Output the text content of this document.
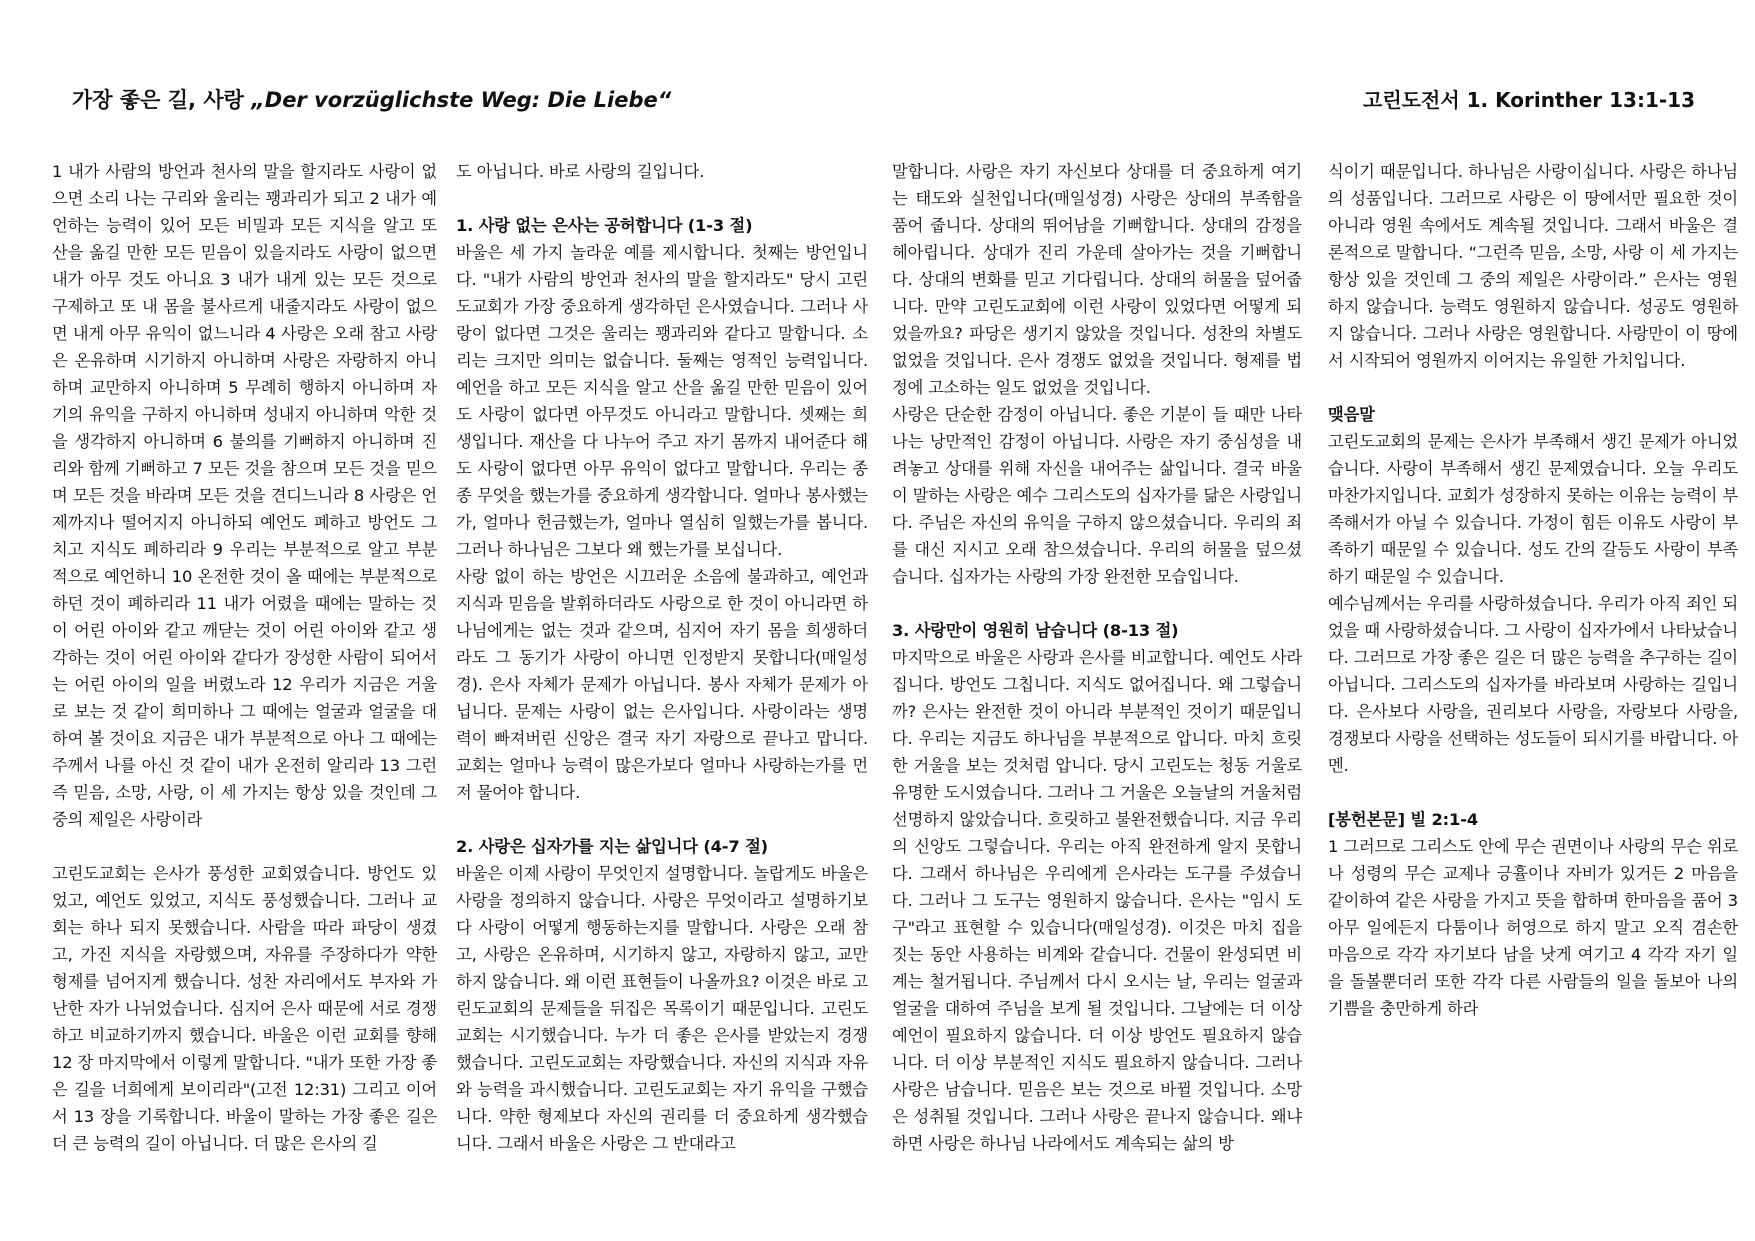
가장 좋은 길, 사랑 „Der vorzüglichste Weg: Die Liebe“	고린도전서 1. Korinther 13:1-13

1 내가 사람의 방언과 천사의 말을 할지라도 사랑이 없으면 소리 나는 구리와 울리는 꽹과리가 되고 2 내가 예언하는 능력이 있어 모든 비밀과 모든 지식을 알고 또 산을 옮길 만한 모든 믿음이 있을지라도 사랑이 없으면 내가 아무 것도 아니요 3 내가 내게 있는 모든 것으로 구제하고 또 내 몸을 불사르게 내줄지라도 사랑이 없으면 내게 아무 유익이 없느니라 4 사랑은 오래 참고 사랑은 온유하며 시기하지 아니하며 사랑은 자랑하지 아니하며 교만하지 아니하며 5 무례히 행하지 아니하며 자기의 유익을 구하지 아니하며 성내지 아니하며 악한 것을 생각하지 아니하며 6 불의를 기뻐하지 아니하며 진리와 함께 기뻐하고 7 모든 것을 참으며 모든 것을 믿으며 모든 것을 바라며 모든 것을 견디느니라 8 사랑은 언제까지나 떨어지지 아니하되 예언도 폐하고 방언도 그치고 지식도 폐하리라 9 우리는 부분적으로 알고 부분적으로 예언하니 10 온전한 것이 올 때에는 부분적으로 하던 것이 폐하리라 11 내가 어렸을 때에는 말하는 것이 어린 아이와 같고 깨닫는 것이 어린 아이와 같고 생각하는 것이 어린 아이와 같다가 장성한 사람이 되어서는 어린 아이의 일을 버렸노라 12 우리가 지금은 거울로 보는 것 같이 희미하나 그 때에는 얼굴과 얼굴을 대하여 볼 것이요 지금은 내가 부분적으로 아나 그 때에는 주께서 나를 아신 것 같이 내가 온전히 알리라 13 그런즉 믿음, 소망, 사랑, 이 세 가지는 항상 있을 것인데 그 중의 제일은 사랑이라

고린도교회는 은사가 풍성한 교회였습니다. 방언도 있었고, 예언도 있었고, 지식도 풍성했습니다. 그러나 교회는 하나 되지 못했습니다. 사람을 따라 파당이 생겼고, 가진 지식을 자랑했으며, 자유를 주장하다가 약한 형제를 넘어지게 했습니다. 성찬 자리에서도 부자와 가난한 자가 나뉘었습니다. 심지어 은사 때문에 서로 경쟁하고 비교하기까지 했습니다. 바울은 이런 교회를 향해 12 장 마지막에서 이렇게 말합니다. "내가 또한 가장 좋은 길을 너희에게 보이리라"(고전 12:31) 그리고 이어서 13 장을 기록합니다. 바울이 말하는 가장 좋은 길은 더 큰 능력의 길이 아닙니다. 더 많은 은사의 길

도 아닙니다. 바로 사랑의 길입니다.

1. 사랑 없는 은사는 공허합니다 (1-3 절)

바울은 세 가지 놀라운 예를 제시합니다. 첫째는 방언입니다. "내가 사람의 방언과 천사의 말을 할지라도" 당시 고린도교회가 가장 중요하게 생각하던 은사였습니다. 그러나 사랑이 없다면 그것은 울리는 꽹과리와 같다고 말합니다. 소리는 크지만 의미는 없습니다. 둘째는 영적인 능력입니다. 예언을 하고 모든 지식을 알고 산을 옮길 만한 믿음이 있어도 사랑이 없다면 아무것도 아니라고 말합니다. 셋째는 희생입니다. 재산을 다 나누어 주고 자기 몸까지 내어준다 해도 사랑이 없다면 아무 유익이 없다고 말합니다. 우리는 종종 무엇을 했는가를 중요하게 생각합니다. 얼마나 봉사했는가, 얼마나 헌금했는가, 얼마나 열심히 일했는가를 봅니다. 그러나 하나님은 그보다 왜 했는가를 보십니다.

사랑 없이 하는 방언은 시끄러운 소음에 불과하고, 예언과 지식과 믿음을 발휘하더라도 사랑으로 한 것이 아니라면 하나님에게는 없는 것과 같으며, 심지어 자기 몸을 희생하더라도 그 동기가 사랑이 아니면 인정받지 못합니다(매일성경). 은사 자체가 문제가 아닙니다. 봉사 자체가 문제가 아닙니다. 문제는 사랑이 없는 은사입니다. 사랑이라는 생명력이 빠져버린 신앙은 결국 자기 자랑으로 끝나고 맙니다. 교회는 얼마나 능력이 많은가보다 얼마나 사랑하는가를 먼저 물어야 합니다.

2. 사랑은 십자가를 지는 삶입니다 (4-7 절)

바울은 이제 사랑이 무엇인지 설명합니다. 놀랍게도 바울은 사랑을 정의하지 않습니다. 사랑은 무엇이라고 설명하기보다 사랑이 어떻게 행동하는지를 말합니다. 사랑은 오래 참고, 사랑은 온유하며, 시기하지 않고, 자랑하지 않고, 교만하지 않습니다. 왜 이런 표현들이 나올까요? 이것은 바로 고린도교회의 문제들을 뒤집은 목록이기 때문입니다. 고린도교회는 시기했습니다. 누가 더 좋은 은사를 받았는지 경쟁했습니다. 고린도교회는 자랑했습니다. 자신의 지식과 자유와 능력을 과시했습니다. 고린도교회는 자기 유익을 구했습니다. 약한 형제보다 자신의 권리를 더 중요하게 생각했습니다. 그래서 바울은 사랑은 그 반대라고

말합니다. 사랑은 자기 자신보다 상대를 더 중요하게 여기는 태도와 실천입니다(매일성경) 사랑은 상대의 부족함을 품어 줍니다. 상대의 뛰어남을 기뻐합니다. 상대의 감정을 헤아립니다. 상대가 진리 가운데 살아가는 것을 기뻐합니다. 상대의 변화를 믿고 기다립니다. 상대의 허물을 덮어줍니다. 만약 고린도교회에 이런 사랑이 있었다면 어떻게 되었을까요? 파당은 생기지 않았을 것입니다. 성찬의 차별도 없었을 것입니다. 은사 경쟁도 없었을 것입니다. 형제를 법정에 고소하는 일도 없었을 것입니다.

사랑은 단순한 감정이 아닙니다. 좋은 기분이 들 때만 나타나는 낭만적인 감정이 아닙니다. 사랑은 자기 중심성을 내려놓고 상대를 위해 자신을 내어주는 삶입니다. 결국 바울이 말하는 사랑은 예수 그리스도의 십자가를 닮은 사랑입니다. 주님은 자신의 유익을 구하지 않으셨습니다. 우리의 죄를 대신 지시고 오래 참으셨습니다. 우리의 허물을 덮으셨습니다. 십자가는 사랑의 가장 완전한 모습입니다.

3. 사랑만이 영원히 남습니다 (8-13 절)

마지막으로 바울은 사랑과 은사를 비교합니다. 예언도 사라집니다. 방언도 그칩니다. 지식도 없어집니다. 왜 그렇습니까? 은사는 완전한 것이 아니라 부분적인 것이기 때문입니다. 우리는 지금도 하나님을 부분적으로 압니다. 마치 흐릿한 거울을 보는 것처럼 압니다. 당시 고린도는 청동 거울로 유명한 도시였습니다. 그러나 그 거울은 오늘날의 거울처럼 선명하지 않았습니다. 흐릿하고 불완전했습니다. 지금 우리의 신앙도 그렇습니다. 우리는 아직 완전하게 알지 못합니다. 그래서 하나님은 우리에게 은사라는 도구를 주셨습니다. 그러나 그 도구는 영원하지 않습니다. 은사는 "임시 도구"라고 표현할 수 있습니다(매일성경). 이것은 마치 집을 짓는 동안 사용하는 비계와 같습니다. 건물이 완성되면 비계는 철거됩니다. 주님께서 다시 오시는 날, 우리는 얼굴과 얼굴을 대하여 주님을 보게 될 것입니다. 그날에는 더 이상 예언이 필요하지 않습니다. 더 이상 방언도 필요하지 않습니다. 더 이상 부분적인 지식도 필요하지 않습니다. 그러나 사랑은 남습니다. 믿음은 보는 것으로 바뀔 것입니다. 소망은 성취될 것입니다. 그러나 사랑은 끝나지 않습니다. 왜냐하면 사랑은 하나님 나라에서도 계속되는 삶의 방

식이기 때문입니다. 하나님은 사랑이십니다. 사랑은 하나님의 성품입니다. 그러므로 사랑은 이 땅에서만 필요한 것이 아니라 영원 속에서도 계속될 것입니다. 그래서 바울은 결론적으로 말합니다. “그런즉 믿음, 소망, 사랑 이 세 가지는 항상 있을 것인데 그 중의 제일은 사랑이라.” 은사는 영원하지 않습니다. 능력도 영원하지 않습니다. 성공도 영원하지 않습니다. 그러나 사랑은 영원합니다. 사랑만이 이 땅에서 시작되어 영원까지 이어지는 유일한 가치입니다.

맺음말

고린도교회의 문제는 은사가 부족해서 생긴 문제가 아니었습니다. 사랑이 부족해서 생긴 문제였습니다. 오늘 우리도 마찬가지입니다. 교회가 성장하지 못하는 이유는 능력이 부족해서가 아닐 수 있습니다. 가정이 힘든 이유도 사랑이 부족하기 때문일 수 있습니다. 성도 간의 갈등도 사랑이 부족하기 때문일 수 있습니다.

예수님께서는 우리를 사랑하셨습니다. 우리가 아직 죄인 되었을 때 사랑하셨습니다. 그 사랑이 십자가에서 나타났습니다. 그러므로 가장 좋은 길은 더 많은 능력을 추구하는 길이 아닙니다. 그리스도의 십자가를 바라보며 사랑하는 길입니다. 은사보다 사랑을, 권리보다 사랑을, 자랑보다 사랑을, 경쟁보다 사랑을 선택하는 성도들이 되시기를 바랍니다. 아멘.

[봉헌본문] 빌 2:1-4

1 그러므로 그리스도 안에 무슨 권면이나 사랑의 무슨 위로나 성령의 무슨 교제나 긍휼이나 자비가 있거든 2 마음을 같이하여 같은 사랑을 가지고 뜻을 합하며 한마음을 품어 3 아무 일에든지 다툼이나 허영으로 하지 말고 오직 겸손한 마음으로 각각 자기보다 남을 낫게 여기고 4 각각 자기 일을 돌볼뿐더러 또한 각각 다른 사람들의 일을 돌보아 나의 기쁨을 충만하게 하라
